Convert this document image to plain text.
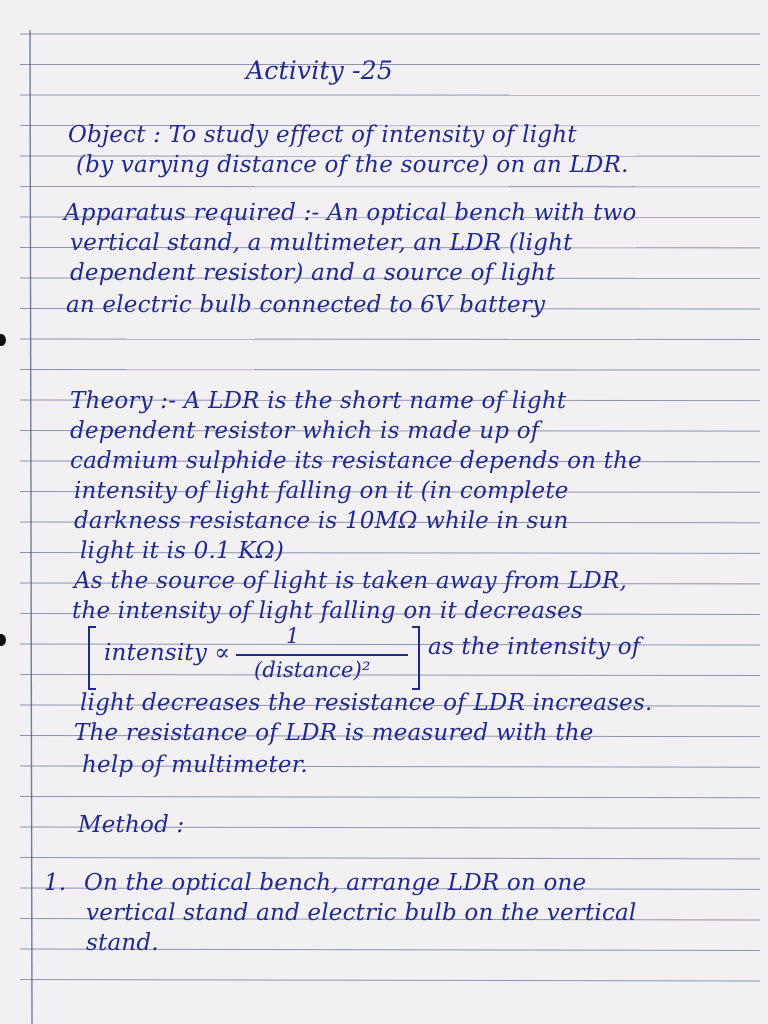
Activity -25
Object : To study effect of intensity of light
(by varying distance of the source) on an LDR.
Apparatus required :- An optical bench with two
vertical stand, a multimeter, an LDR (light
dependent resistor) and a source of light
an electric bulb connected to 6V battery
Theory :- A LDR is the short name of light
dependent resistor which is made up of
cadmium sulphide its resistance depends on the
intensity of light falling on it (in complete
darkness resistance is 10MΩ while in sun
light it is 0.1 KΩ)
As the source of light is taken away from LDR,
the intensity of light falling on it decreases
intensity ∝
1
(distance)²
as the intensity of
light decreases the resistance of LDR increases.
The resistance of LDR is measured with the
help of multimeter.
Method :
1. On the optical bench, arrange LDR on one
vertical stand and electric bulb on the vertical
stand.
